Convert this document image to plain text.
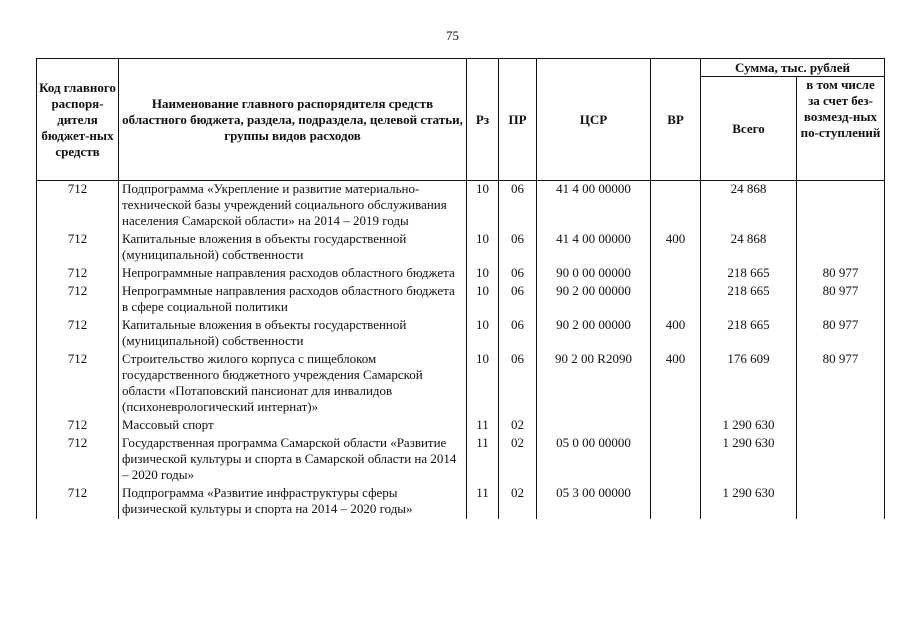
75
Код главного распоря-дителя бюджет-ных средств	Наименование главного распорядителя средств областного бюджета, раздела, подраздела, целевой статьи, группы видов расходов	Рз	ПР	ЦСР	ВР	Сумма, тыс. рублей	
						Всего	в том числе за счет без-возмезд-ных по-ступлений
712	Подпрограмма «Укрепление и развитие материально-технической базы учреждений социального обслуживания населения Самарской области» на 2014 – 2019 годы	10	06	41 4 00 00000		24 868	
712	Капитальные вложения в объекты государственной (муниципальной) собственности	10	06	41 4 00 00000	400	24 868	
712	Непрограммные направления расходов областного бюджета	10	06	90 0 00 00000		218 665	80 977
712	Непрограммные направления расходов областного бюджета в сфере социальной политики	10	06	90 2 00 00000		218 665	80 977
712	Капитальные вложения в объекты государственной (муниципальной) собственности	10	06	90 2 00 00000	400	218 665	80 977
712	Строительство жилого корпуса с пищеблоком государственного бюджетного учреждения Самарской области «Потаповский пансионат для инвалидов (психоневрологический интернат)»	10	06	90 2 00 R2090	400	176 609	80 977
712	Массовый спорт	11	02			1 290 630	
712	Государственная программа Самарской области «Развитие физической культуры и спорта в Самарской области на 2014 – 2020 годы»	11	02	05 0 00 00000		1 290 630	
712	Подпрограмма «Развитие инфраструктуры сферы физической культуры и спорта на 2014 – 2020 годы»	11	02	05 3 00 00000		1 290 630	
